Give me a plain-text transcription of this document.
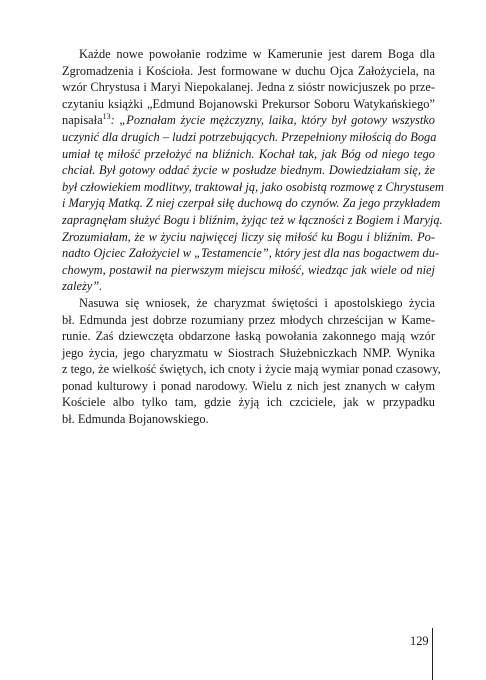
Każde nowe powołanie rodzime w Kamerunie jest darem Boga dla
Zgromadzenia i Kościoła. Jest formowane w duchu Ojca Założyciela, na
wzór Chrystusa i Maryi Niepokalanej. Jedna z sióstr nowicjuszek po prze-
czytaniu książki „Edmund Bojanowski Prekursor Soboru Watykańskiego”
napisała$^{13}$: „Poznałam życie mężczyzny, laika, który był gotowy wszystko
uczynić dla drugich – ludzi potrzebujących. Przepełniony miłością do Boga
umiał tę miłość przełożyć na bliźnich. Kochał tak, jak Bóg od niego tego
chciał. Był gotowy oddać życie w posłudze biednym. Dowiedziałam się, że
był człowiekiem modlitwy, traktował ją, jako osobistą rozmowę z Chrystusem
i Maryją Matką. Z niej czerpał siłę duchową do czynów. Za jego przykładem
zapragnęłam służyć Bogu i bliźnim, żyjąc też w łączności z Bogiem i Maryją.
Zrozumiałam, że w życiu najwięcej liczy się miłość ku Bogu i bliźnim. Po-
nadto Ojciec Założyciel w „Testamencie”, który jest dla nas bogactwem du-
chowym, postawił na pierwszym miejscu miłość, wiedząc jak wiele od niej
zależy”.
Nasuwa się wniosek, że charyzmat świętości i apostolskiego życia
bł. Edmunda jest dobrze rozumiany przez młodych chrześcijan w Kame-
runie. Zaś dziewczęta obdarzone łaską powołania zakonnego mają wzór
jego życia, jego charyzmatu w Siostrach Służebniczkach NMP. Wynika
z tego, że wielkość świętych, ich cnoty i życie mają wymiar ponad czasowy,
ponad kulturowy i ponad narodowy. Wielu z nich jest znanych w całym
Kościele albo tylko tam, gdzie żyją ich czciciele, jak w przypadku
bł. Edmunda Bojanowskiego.
129
